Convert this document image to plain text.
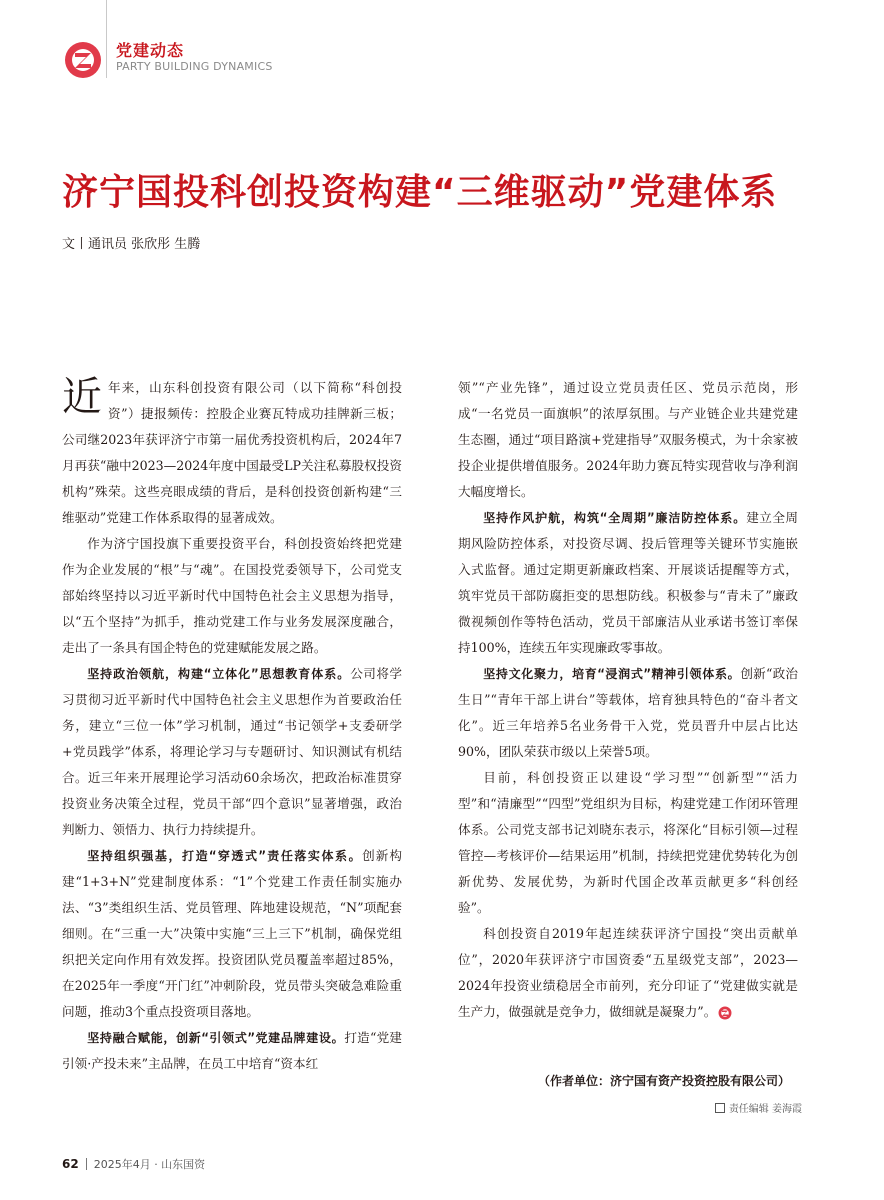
党建动态
PARTY BUILDING DYNAMICS
济宁国投科创投资构建“三维驱动”党建体系
文丨通讯员 张欣彤 生腾

近年来，山东科创投资有限公司（以下简称“科创投资”）捷报频传：控股企业赛瓦特成功挂牌新三板；公司继2023年获评济宁市第一届优秀投资机构后，2024年7月再获“融中2023—2024年度中国最受LP关注私募股权投资机构”殊荣。这些亮眼成绩的背后，是科创投资创新构建“三维驱动”党建工作体系取得的显著成效。

作为济宁国投旗下重要投资平台，科创投资始终把党建作为企业发展的“根”与“魂”。在国投党委领导下，公司党支部始终坚持以习近平新时代中国特色社会主义思想为指导，以“五个坚持”为抓手，推动党建工作与业务发展深度融合，走出了一条具有国企特色的党建赋能发展之路。

坚持政治领航，构建“立体化”思想教育体系。公司将学习贯彻习近平新时代中国特色社会主义思想作为首要政治任务，建立“三位一体”学习机制，通过“书记领学+支委研学+党员践学”体系，将理论学习与专题研讨、知识测试有机结合。近三年来开展理论学习活动60余场次，把政治标准贯穿投资业务决策全过程，党员干部“四个意识”显著增强，政治判断力、领悟力、执行力持续提升。

坚持组织强基，打造“穿透式”责任落实体系。创新构建“1+3+N”党建制度体系：“1”个党建工作责任制实施办法、“3”类组织生活、党员管理、阵地建设规范，“N”项配套细则。在“三重一大”决策中实施“三上三下”机制，确保党组织把关定向作用有效发挥。投资团队党员覆盖率超过85%，在2025年一季度“开门红”冲刺阶段，党员带头突破急难险重问题，推动3个重点投资项目落地。

坚持融合赋能，创新“引领式”党建品牌建设。打造“党建引领·产投未来”主品牌，在员工中培育“资本红

领”“产业先锋”，通过设立党员责任区、党员示范岗，形成“一名党员一面旗帜”的浓厚氛围。与产业链企业共建党建生态圈，通过“项目路演+党建指导”双服务模式，为十余家被投企业提供增值服务。2024年助力赛瓦特实现营收与净利润大幅度增长。

坚持作风护航，构筑“全周期”廉洁防控体系。建立全周期风险防控体系，对投资尽调、投后管理等关键环节实施嵌入式监督。通过定期更新廉政档案、开展谈话提醒等方式，筑牢党员干部防腐拒变的思想防线。积极参与“青未了”廉政微视频创作等特色活动，党员干部廉洁从业承诺书签订率保持100%，连续五年实现廉政零事故。

坚持文化聚力，培育“浸润式”精神引领体系。创新“政治生日”“青年干部上讲台”等载体，培育独具特色的“奋斗者文化”。近三年培养5名业务骨干入党，党员晋升中层占比达90%，团队荣获市级以上荣誉5项。

目前，科创投资正以建设“学习型”“创新型”“活力型”和“清廉型”“四型”党组织为目标，构建党建工作闭环管理体系。公司党支部书记刘晓东表示，将深化“目标引领—过程管控—考核评价—结果运用”机制，持续把党建优势转化为创新优势、发展优势，为新时代国企改革贡献更多“科创经验”。

科创投资自2019年起连续获评济宁国投“突出贡献单位”，2020年获评济宁市国资委“五星级党支部”，2023—2024年投资业绩稳居全市前列，充分印证了“党建做实就是生产力，做强就是竞争力，做细就是凝聚力”。

（作者单位：济宁国有资产投资控股有限公司）
责任编辑 姜海霞
62 2025年4月 · 山东国资
